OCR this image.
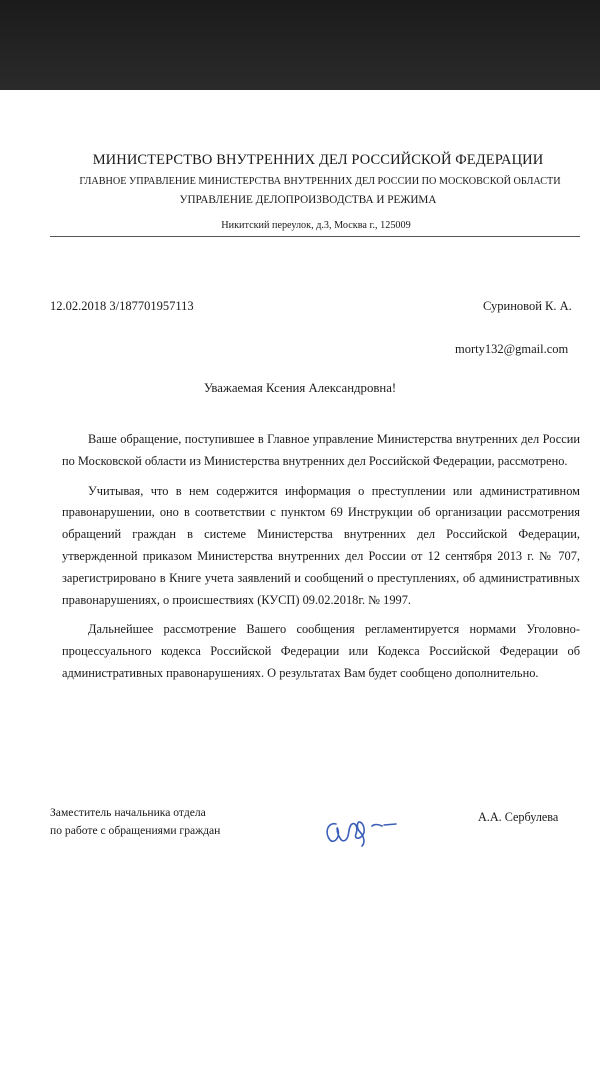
МИНИСТЕРСТВО ВНУТРЕННИХ ДЕЛ РОССИЙСКОЙ ФЕДЕРАЦИИ
ГЛАВНОЕ УПРАВЛЕНИЕ МИНИСТЕРСТВА ВНУТРЕННИХ ДЕЛ РОССИИ ПО МОСКОВСКОЙ ОБЛАСТИ
УПРАВЛЕНИЕ ДЕЛОПРОИЗВОДСТВА И РЕЖИМА
Никитский переулок, д.3, Москва г., 125009
12.02.2018 3/187701957113	Суриновой К. А.
morty132@gmail.com
Уважаемая Ксения Александровна!

Ваше обращение, поступившее в Главное управление Министерства внутренних дел России по Московской области из Министерства внутренних дел Российской Федерации, рассмотрено.

Учитывая, что в нем содержится информация о преступлении или административном правонарушении, оно в соответствии с пунктом 69 Инструкции об организации рассмотрения обращений граждан в системе Министерства внутренних дел Российской Федерации, утвержденной приказом Министерства внутренних дел России от 12 сентября 2013 г. № 707, зарегистрировано в Книге учета заявлений и сообщений о преступлениях, об административных правонарушениях, о происшествиях (КУСП) 09.02.2018г. № 1997.

Дальнейшее рассмотрение Вашего сообщения регламентируется нормами Уголовно-процессуального кодекса Российской Федерации или Кодекса Российской Федерации об административных правонарушениях. О результатах Вам будет сообщено дополнительно.

Заместитель начальника отдела
по работе с обращениями граждан
А.А. Сербулева
